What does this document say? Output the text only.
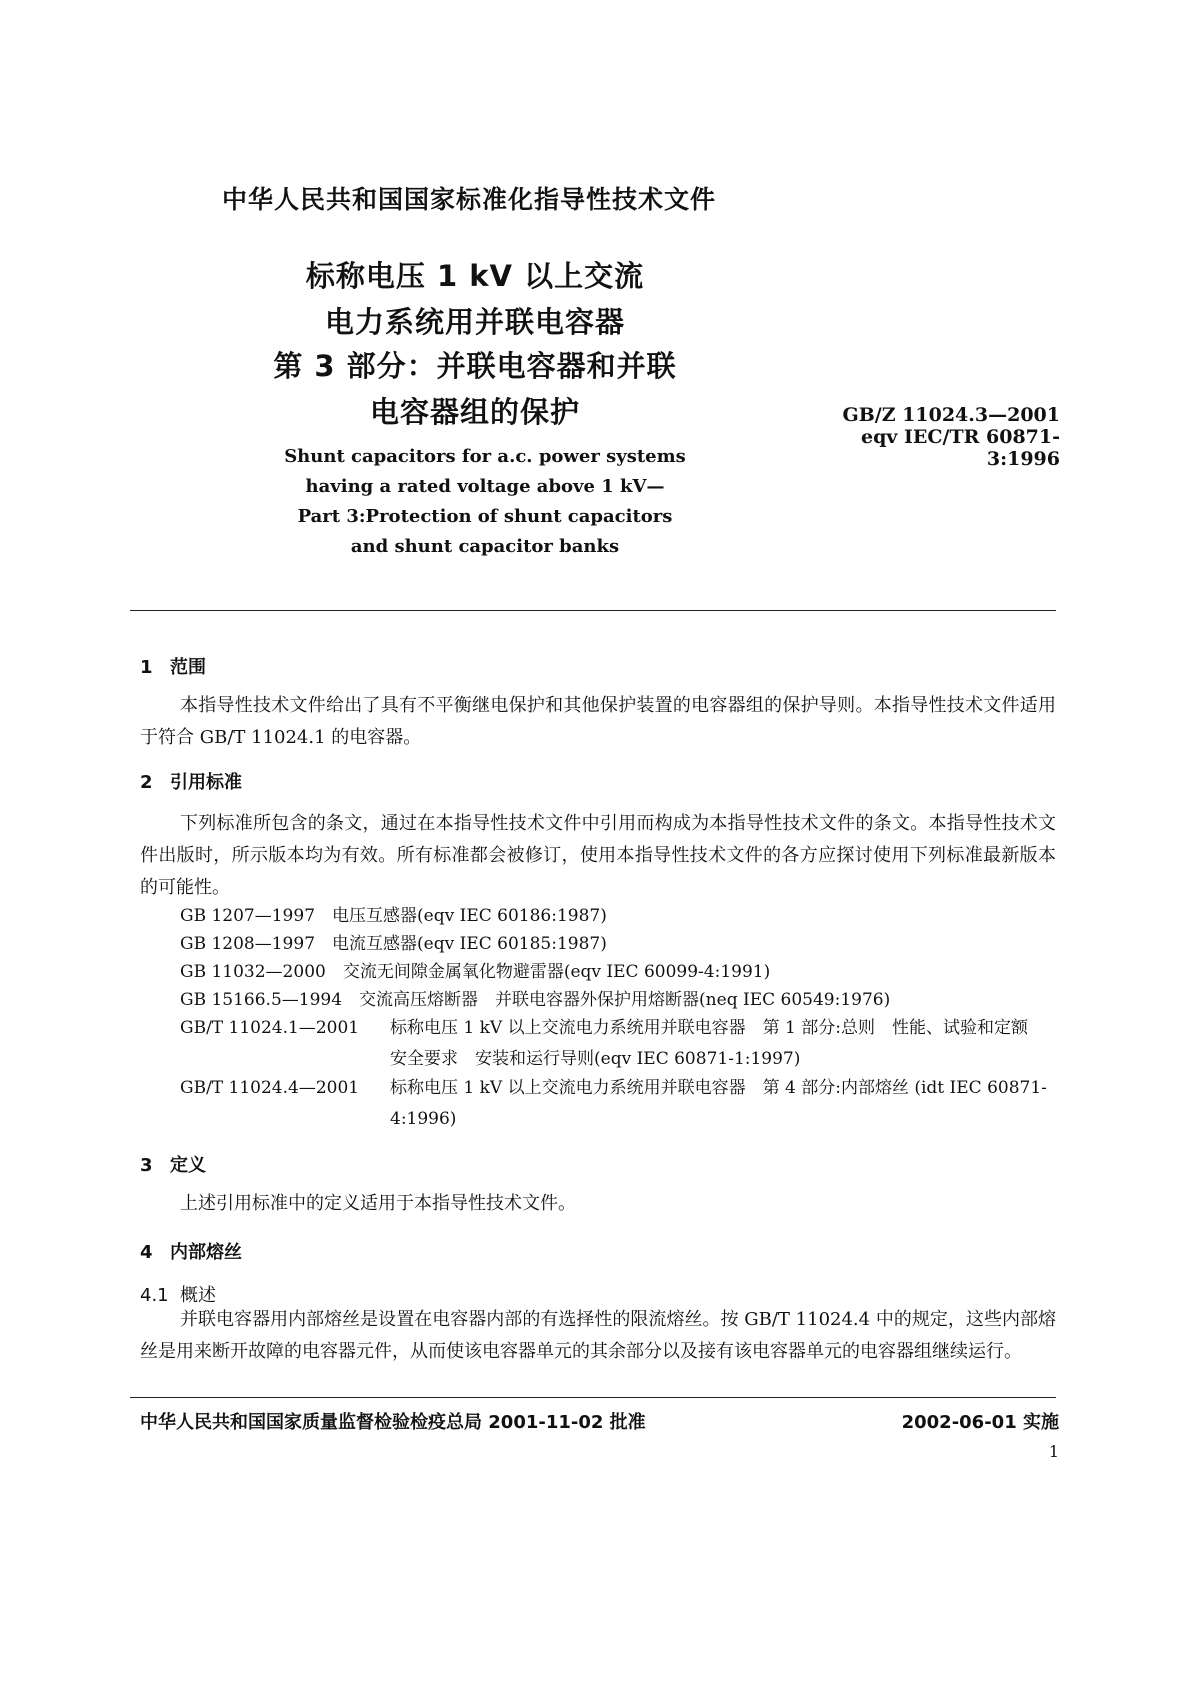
中华人民共和国国家标准化指导性技术文件
标称电压 1 kV 以上交流
电力系统用并联电容器
第 3 部分：并联电容器和并联
电容器组的保护	GB/Z 11024.3—2001
eqv IEC/TR 60871-3:1996
Shunt capacitors for a.c. power systems
having a rated voltage above 1 kV—
Part 3:Protection of shunt capacitors
and shunt capacitor banks
1 范围

本指导性技术文件给出了具有不平衡继电保护和其他保护装置的电容器组的保护导则。本指导性技术文件适用于符合 GB/T 11024.1 的电容器。

2 引用标准

下列标准所包含的条文，通过在本指导性技术文件中引用而构成为本指导性技术文件的条文。本指导性技术文件出版时，所示版本均为有效。所有标准都会被修订，使用本指导性技术文件的各方应探讨使用下列标准最新版本的可能性。

GB 1207—1997　 电压互感器(eqv IEC 60186:1987)
GB 1208—1997　 电流互感器(eqv IEC 60185:1987)
GB 11032—2000　 交流无间隙金属氧化物避雷器(eqv IEC 60099-4:1991)
GB 15166.5—1994　 交流高压熔断器　并联电容器外保护用熔断器(neq IEC 60549:1976)
GB/T 11024.1—2001 标称电压 1 kV 以上交流电力系统用并联电容器　第 1 部分:总则　性能、试验和定额　安全要求　安装和运行导则(eqv IEC 60871-1:1997)
GB/T 11024.4—2001 标称电压 1 kV 以上交流电力系统用并联电容器　第 4 部分:内部熔丝 (idt IEC 60871-4:1996)
3 定义

上述引用标准中的定义适用于本指导性技术文件。

4 内部熔丝
4.1 概述

并联电容器用内部熔丝是设置在电容器内部的有选择性的限流熔丝。按 GB/T 11024.4 中的规定，这些内部熔丝是用来断开故障的电容器元件，从而使该电容器单元的其余部分以及接有该电容器单元的电容器组继续运行。

中华人民共和国国家质量监督检验检疫总局 2001-11-02 批准	2002-06-01 实施
1
